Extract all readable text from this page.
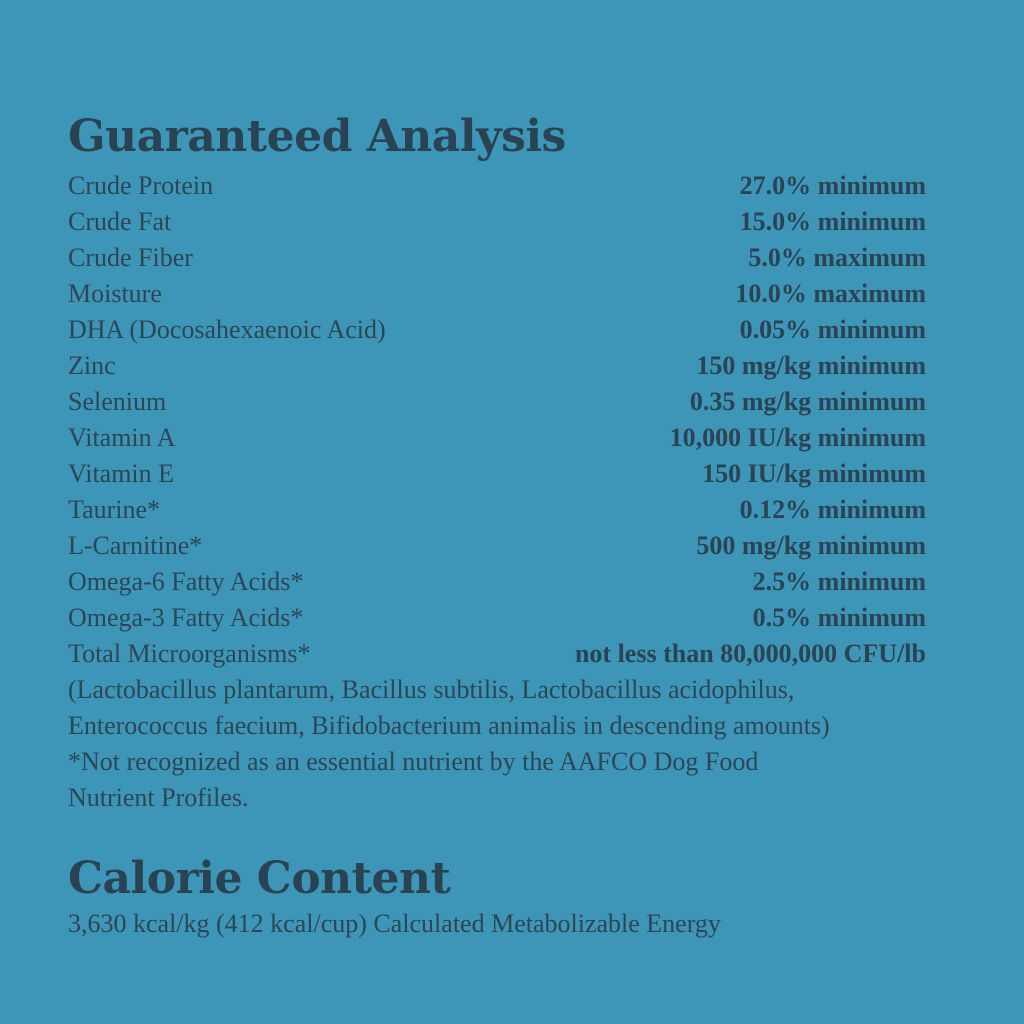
Guaranteed Analysis
Crude Protein	27.0% minimum
Crude Fat	15.0% minimum
Crude Fiber	5.0% maximum
Moisture	10.0% maximum
DHA (Docosahexaenoic Acid)	0.05% minimum
Zinc	150 mg/kg minimum
Selenium	0.35 mg/kg minimum
Vitamin A	10,000 IU/kg minimum
Vitamin E	150 IU/kg minimum
Taurine*	0.12% minimum
L-Carnitine*	500 mg/kg minimum
Omega-6 Fatty Acids*	2.5% minimum
Omega-3 Fatty Acids*	0.5% minimum
Total Microorganisms*	not less than 80,000,000 CFU/lb
(Lactobacillus plantarum, Bacillus subtilis, Lactobacillus acidophilus,
Enterococcus faecium, Bifidobacterium animalis in descending amounts)
*Not recognized as an essential nutrient by the AAFCO Dog Food
Nutrient Profiles.
Calorie Content
3,630 kcal/kg (412 kcal/cup) Calculated Metabolizable Energy
